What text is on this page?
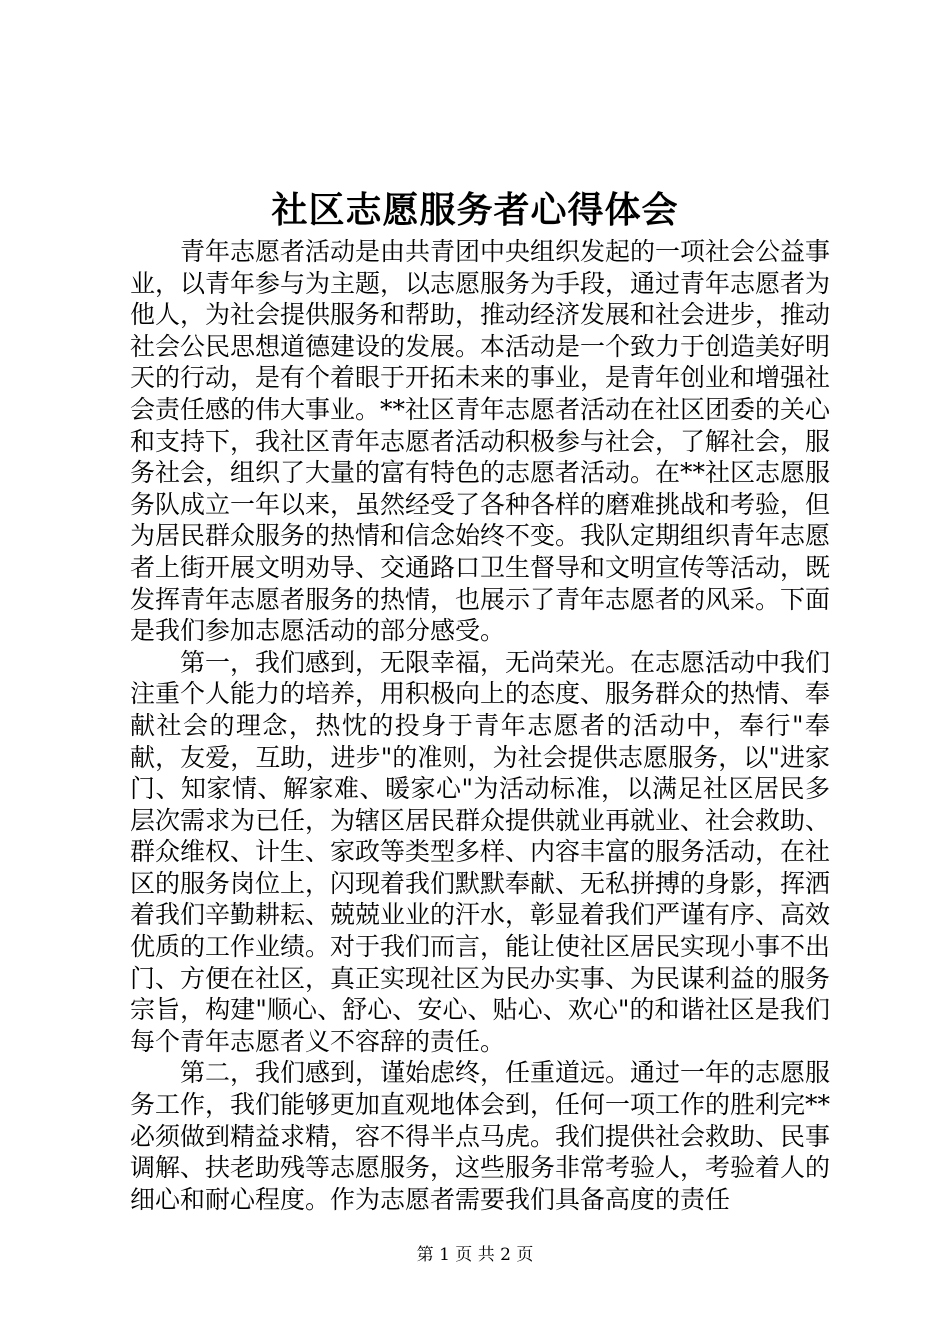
社区志愿服务者心得体会

青年志愿者活动是由共青团中央组织发起的一项社会公益事业，以青年参与为主题，以志愿服务为手段，通过青年志愿者为他人，为社会提供服务和帮助，推动经济发展和社会进步，推动社会公民思想道德建设的发展。本活动是一个致力于创造美好明天的行动，是有个着眼于开拓未来的事业，是青年创业和增强社会责任感的伟大事业。**社区青年志愿者活动在社区团委的关心和支持下，我社区青年志愿者活动积极参与社会，了解社会，服务社会，组织了大量的富有特色的志愿者活动。在**社区志愿服务队成立一年以来，虽然经受了各种各样的磨难挑战和考验，但为居民群众服务的热情和信念始终不变。我队定期组织青年志愿者上街开展文明劝导、交通路口卫生督导和文明宣传等活动，既发挥青年志愿者服务的热情，也展示了青年志愿者的风采。下面是我们参加志愿活动的部分感受。

第一，我们感到，无限幸福，无尚荣光。在志愿活动中我们注重个人能力的培养，用积极向上的态度、服务群众的热情、奉献社会的理念，热忱的投身于青年志愿者的活动中，奉行"奉献，友爱，互助，进步"的准则，为社会提供志愿服务，以"进家门、知家情、解家难、暖家心"为活动标准，以满足社区居民多层次需求为已任，为辖区居民群众提供就业再就业、社会救助、群众维权、计生、家政等类型多样、内容丰富的服务活动，在社区的服务岗位上，闪现着我们默默奉献、无私拼搏的身影，挥洒着我们辛勤耕耘、兢兢业业的汗水，彰显着我们严谨有序、高效优质的工作业绩。对于我们而言，能让使社区居民实现小事不出门、方便在社区，真正实现社区为民办实事、为民谋利益的服务宗旨，构建"顺心、舒心、安心、贴心、欢心"的和谐社区是我们每个青年志愿者义不容辞的责任。

第二，我们感到，谨始虑终，任重道远。通过一年的志愿服务工作，我们能够更加直观地体会到，任何一项工作的胜利完**必须做到精益求精，容不得半点马虎。我们提供社会救助、民事调解、扶老助残等志愿服务，这些服务非常考验人，考验着人的细心和耐心程度。作为志愿者需要我们具备高度的责任

第 1 页 共 2 页
